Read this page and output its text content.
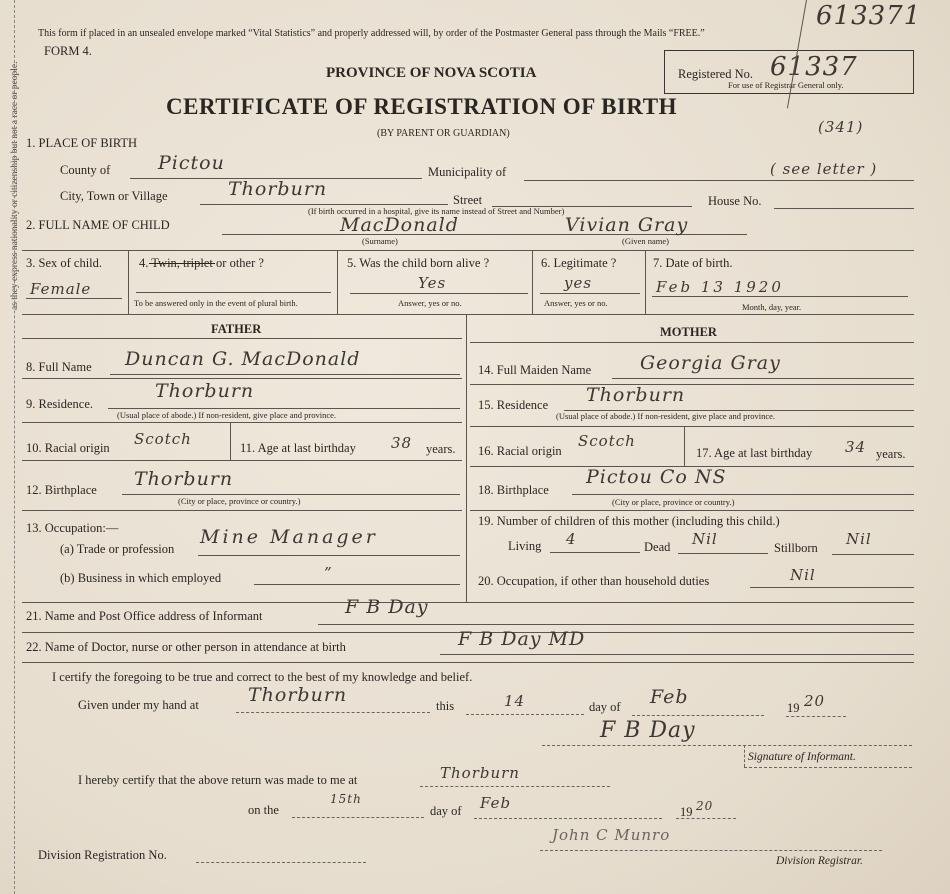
as they express nationality or citizenship but not a race or people.
This form if placed in an unsealed envelope marked “Vital Statistics” and properly addressed will, by order of the Postmaster General pass through the Mails “FREE.”
FORM 4.
PROVINCE OF NOVA SCOTIA
CERTIFICATE OF REGISTRATION OF BIRTH
(BY PARENT OR GUARDIAN)
Registered No. 61337
For use of Registrar General only.
613371
(341)
1. PLACE OF BIRTH
County of	Pictou	Municipality of	( see letter )
City, Town or Village	Thorburn	Street
(If birth occurred in a hospital, give its name instead of Street and Number)
House No.
2. FULL NAME OF CHILD	MacDonald
(Surname)
Vivian Gray
(Given name)
3. Sex of child.
Female
4. Twin, triplet or other ?
To be answered only in the event of plural birth.
5. Was the child born alive ?
Yes
Answer, yes or no.
6. Legitimate ?
yes
Answer, yes or no.
7. Date of birth.
Feb 13 1920
Month, day, year.
FATHER	MOTHER
8. Full Name Duncan G. MacDonald
9. Residence.
Thorburn
(Usual place of abode.) If non-resident, give place and province.
10. Racial origin Scotch	11. Age at last birthday 38 years.
12. Birthplace Thorburn
(City or place, province or country.)
13. Occupation:—
(a) Trade or profession
Mine Manager
(b) Business in which employed	”
14. Full Maiden Name	Georgia Gray
15. Residence Thorburn
(Usual place of abode.) If non-resident, give place and province.
16. Racial origin
Scotch
17. Age at last birthday 34 years.
18. Birthplace
Pictou Co NS
(City or place, province or country.)
19. Number of children of this mother (including this child.)
Living 4	Dead Nil	Stillborn Nil
20. Occupation, if other than household duties	Nil
21. Name and Post Office address of Informant	F B Day
22. Name of Doctor, nurse or other person in attendance at birth	F B Day MD
I certify the foregoing to be true and correct to the best of my knowledge and belief.
Given under my hand at	Thorburn	this	14	day of Feb	19 20
F B Day
Signature of Informant.
I hereby certify that the above return was made to me at	Thorburn
on the
15th
day of Feb	19 20
Division Registration No.
John C Munro
Division Registrar.
